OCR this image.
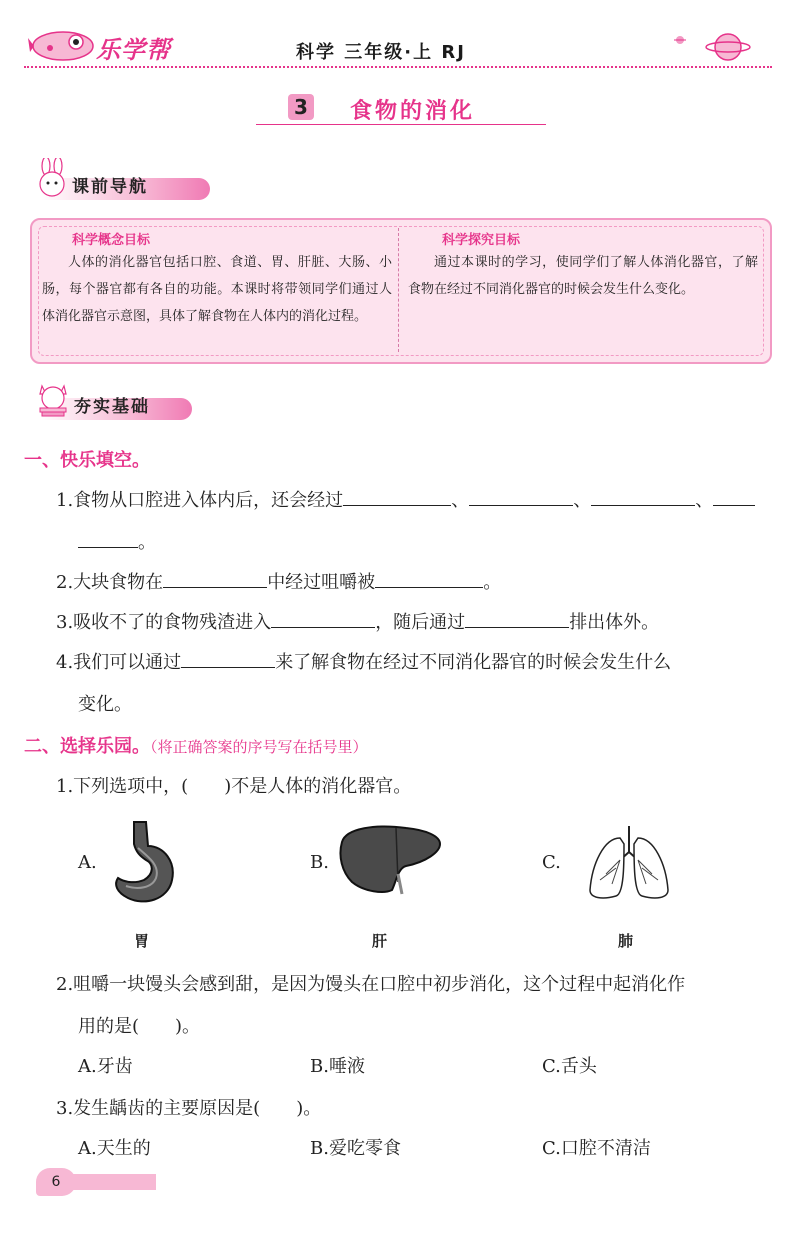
乐学帮	科学 三年级·上 RJ
3 食物的消化
课前导航
科学概念目标
人体的消化器官包括口腔、食道、胃、肝脏、大肠、小肠，每个器官都有各自的功能。本课时将带领同学们通过人体消化器官示意图，具体了解食物在人体内的消化过程。
科学探究目标
通过本课时的学习，使同学们了解人体消化器官，了解食物在经过不同消化器官的时候会发生什么变化。
夯实基础
一、快乐填空。
1.食物从口腔进入体内后，还会经过	、	、	、
。
2.大块食物在	中经过咀嚼被	。
3.吸收不了的食物残渣进入	，随后通过	排出体外。
4.我们可以通过	来了解食物在经过不同消化器官的时候会发生什么
变化。
二、选择乐园。（将正确答案的序号写在括号里）
1.下列选项中，(　　)不是人体的消化器官。
A.
胃
B.
肝
C.
肺
2.咀嚼一块馒头会感到甜，是因为馒头在口腔中初步消化，这个过程中起消化作
用的是(　　)。
A.牙齿	B.唾液	C.舌头
3.发生龋齿的主要原因是(　　)。
A.天生的	B.爱吃零食	C.口腔不清洁
6
